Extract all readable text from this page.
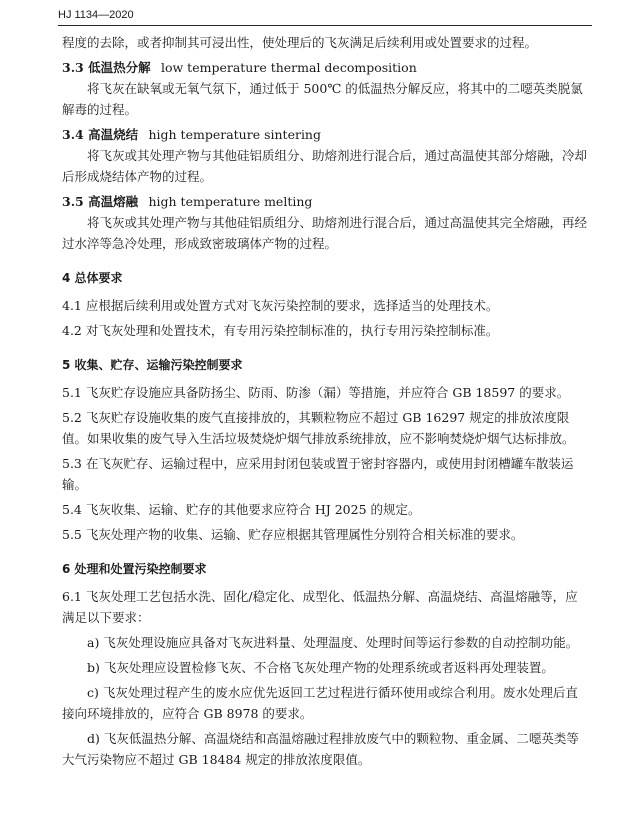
HJ 1134—2020

程度的去除，或者抑制其可浸出性，使处理后的飞灰满足后续利用或处置要求的过程。

3.3 低温热分解 low temperature thermal decomposition

将飞灰在缺氧或无氧气氛下，通过低于 500℃ 的低温热分解反应，将其中的二噁英类脱氯解毒的过程。

3.4 高温烧结 high temperature sintering

将飞灰或其处理产物与其他硅铝质组分、助熔剂进行混合后，通过高温使其部分熔融，冷却后形成烧结体产物的过程。

3.5 高温熔融 high temperature melting

将飞灰或其处理产物与其他硅铝质组分、助熔剂进行混合后，通过高温使其完全熔融，再经过水淬等急冷处理，形成致密玻璃体产物的过程。

4 总体要求

4.1 应根据后续利用或处置方式对飞灰污染控制的要求，选择适当的处理技术。

4.2 对飞灰处理和处置技术，有专用污染控制标准的，执行专用污染控制标准。

5 收集、贮存、运输污染控制要求

5.1 飞灰贮存设施应具备防扬尘、防雨、防渗（漏）等措施，并应符合 GB 18597 的要求。

5.2 飞灰贮存设施收集的废气直接排放的，其颗粒物应不超过 GB 16297 规定的排放浓度限值。如果收集的废气导入生活垃圾焚烧炉烟气排放系统排放，应不影响焚烧炉烟气达标排放。

5.3 在飞灰贮存、运输过程中，应采用封闭包装或置于密封容器内，或使用封闭槽罐车散装运输。

5.4 飞灰收集、运输、贮存的其他要求应符合 HJ 2025 的规定。

5.5 飞灰处理产物的收集、运输、贮存应根据其管理属性分别符合相关标准的要求。

6 处理和处置污染控制要求

6.1 飞灰处理工艺包括水洗、固化/稳定化、成型化、低温热分解、高温烧结、高温熔融等，应满足以下要求：

a) 飞灰处理设施应具备对飞灰进料量、处理温度、处理时间等运行参数的自动控制功能。

b) 飞灰处理应设置检修飞灰、不合格飞灰处理产物的处理系统或者返料再处理装置。

c) 飞灰处理过程产生的废水应优先返回工艺过程进行循环使用或综合利用。废水处理后直接向环境排放的，应符合 GB 8978 的要求。

d) 飞灰低温热分解、高温烧结和高温熔融过程排放废气中的颗粒物、重金属、二噁英类等大气污染物应不超过 GB 18484 规定的排放浓度限值。
